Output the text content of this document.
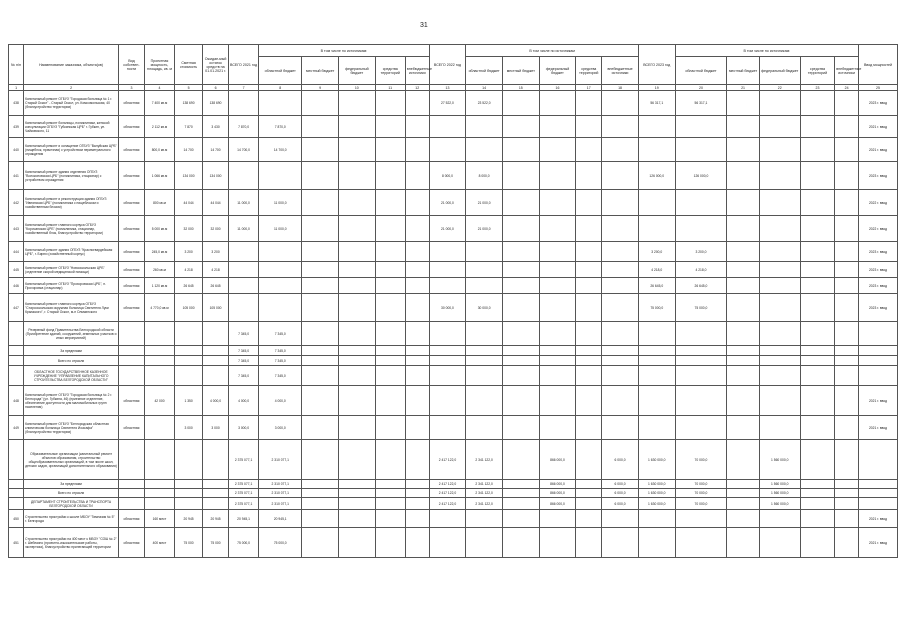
31
№ п/п	Наименование заказчика, объекта(ов)	Вид собствен-ности	Проектная мощность, площадь, кв. м	Сметная стоимость	Ожидае-мый остаток средств на 01.01.2021 г.	ВСЕГО 2021 год	В том числе по источникам:					ВСЕГО 2022 год	В том числе по источникам					ВСЕГО 2023 год	В том числе по источникам:					Ввод мощностей
							областной бюджет	местный бюджет	федеральный бюджет	средства территорий	внебюджетные источники		областной бюджет	местный бюджет	федеральный бюджет	средства территорий	внебюджетные источники		областной бюджет	местный бюджет	федеральный бюджет	средства территорий	внебюджетные источники	
1	2	3	4	5	6	7	8	9	10	11	12	13	14	15	16	17	18	19	20	21	22	23	24	25
438	Капитальный ремонт ОГБУЗ "Городская больница № 1 г. Старый Оскол" - Старый Оскол, ул. Комсомольская, 40 (благоустройство территории)	областная	7 400 кв.м	138 690	138 690							27 522,0	23 522,0					56 317,1	56 317,1					2023 г. ввод
439	Капитальный ремонт больницы, поликлиники, женской консультации ОГБУЗ "Губкинская ЦРБ" г. Губкин, ул. Чайковского, 11	областная	2 112 кв.м	7 870	3 430	7 870,0	7 870,0																	2021 г. ввод
440	Капитальный ремонт и оснащение ОГБУЗ "Валуйская ЦРБ" (пищеблок, прачечная) с устройством периметрального ограждения	областная	800,0 кв.м	14 700	14 700	14 700,0	14 700,0																	2021 г. ввод
441	Капитальный ремонт здания отделения ОГБУЗ "Волоконовская ЦРБ" (поликлиника, стационар) с устройством ограждения	областная	1 066 кв.м	134 000	134 000							8 000,0	8 000,0					126 000,0	126 000,0					2023 г. ввод
442	Капитальный ремонт и реконструкция здания ОГБУЗ "Ивнянская ЦРБ" (поликлиника с пищеблоком и хозяйственным блоком)	областная	800 кв.м	44 044	44 044	11 000,0	11 000,0					21 000,0	21 000,0											2022 г. ввод
443	Капитальный ремонт главного корпуса ОГБУЗ "Корочанская ЦРБ" (поликлиника, стационар, хозяйственный блок, благоустройство территории)	областная	5 000 кв.м	32 000	32 000	11 000,0	11 000,0					21 000,0	21 000,0											2022 г. ввод
444	Капитальный ремонт здания ОГБУЗ "Красногвардейская ЦРБ", г. Бирюч (хозяйственный корпус)	областная	245,0 кв.м	3 200	3 200													3 200,0	3 200,0					2023 г. ввод
445	Капитальный ремонт ОГБУЗ "Новооскольская ЦРБ" (отделение скорой медицинской помощи)	областная	260 кв.м	4 218	4 218													4 218,0	4 218,0					2023 г. ввод
446	Капитальный ремонт ОГБУЗ "Прохоровская ЦРБ", п. Прохоровка (стационар)	областная	1 120 кв.м	26 645	26 645													26 645,0	26 645,0					2023 г. ввод
447	Капитальный ремонт главного корпуса ОГБУЗ "Старооскольская окружная больница Святителя Луки Крымского", г. Старый Оскол, м-н Ольминского	областная	4 770,0 кв.м	105 000	105 000							30 000,0	30 000,0					75 000,0	75 000,0					2023 г. ввод
	Резервный фонд Правительства Белгородской области (Приобретение зданий, сооружений, земельных участков и иных мероприятий)					7 345,0	7 345,0																	
	За пределами					7 345,0	7 345,0																	
	Всего по отрасли					7 345,0	7 345,0																	
	ОБЛАСТНОЕ ГОСУДАРСТВЕННОЕ КАЗЕННОЕ УЧРЕЖДЕНИЕ "УПРАВЛЕНИЕ КАПИТАЛЬНОГО СТРОИТЕЛЬСТВА БЕЛГОРОДСКОЙ ОБЛАСТИ"					7 345,0	7 345,0																	
448	Капитальный ремонт ОГБУЗ "Городская больница № 2 г. Белгорода" (ул. Губкина, 46) (приемное отделение, обеспечение доступности для маломобильных групп населения)	областная	42 000	1 350	4 000,0	4 000,0	4 000,0																	2021 г. ввод
449	Капитальный ремонт ОГБУЗ "Белгородская областная клиническая больница Святителя Иоасафа" (благоустройство территории)	областная		3 000	3 000	3 000,0	3 000,0																	2021 г. ввод
	Образовательные организации (капитальный ремонт объектов образования, строительство общеобразовательных организаций, в том числе школ, детских садов, организаций дополнительного образования)					2 375 077,1	2 310 077,1					2 417 122,0	2 341 122,0		866 000,0		6 000,0	1 630 000,0	70 000,0		1 560 000,0			
	За пределами					2 375 077,1	2 310 077,1					2 417 122,0	2 341 122,0		866 000,0		6 000,0	1 630 000,0	70 000,0		1 560 000,0			
	Всего по отрасли					2 375 077,1	2 310 077,1					2 417 122,0	2 341 122,0		866 000,0		6 000,0	1 630 000,0	70 000,0		1 560 000,0			
	ДЕПАРТАМЕНТ СТРОИТЕЛЬСТВА И ТРАНСПОРТА БЕЛГОРОДСКОЙ ОБЛАСТИ					2 375 077,1	2 310 077,1					2 417 122,0	2 341 122,0		866 000,0		6 000,0	1 630 000,0	70 000,0		1 560 000,0			
450	Строительство пристройки к школе МБОУ "Гимназия № 5" г. Белгорода	областная	160 мест	20 945	20 945	20 945,1	20 945,1																	2021 г. ввод
451	Строительство пристройки на 400 мест к МБОУ "СОШ № 2" г. Шебекино (проектно-изыскательские работы, экспертиза), благоустройство прилегающей территории	областная	400 мест	75 000	75 000	75 000,0	75 000,0																	2021 г. ввод
